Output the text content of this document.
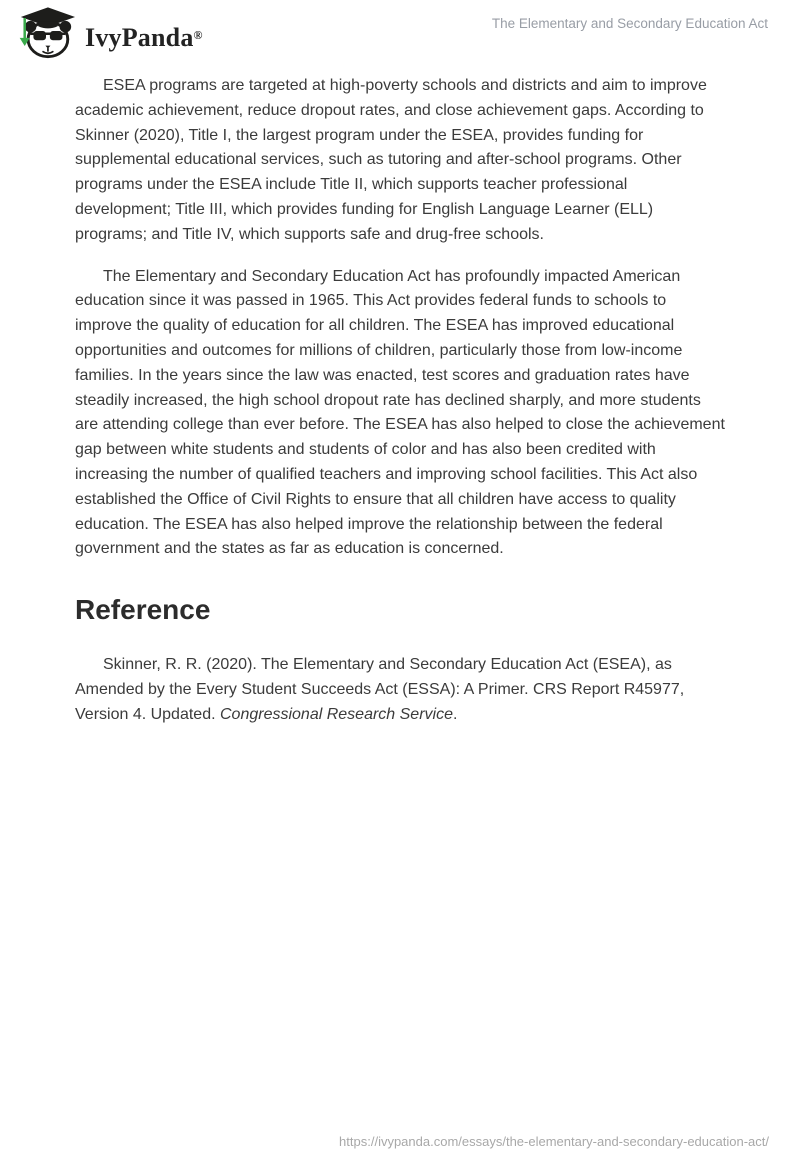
IvyPanda®
The Elementary and Secondary Education Act

ESEA programs are targeted at high-poverty schools and districts and aim to improve academic achievement, reduce dropout rates, and close achievement gaps. According to Skinner (2020), Title I, the largest program under the ESEA, provides funding for supplemental educational services, such as tutoring and after-school programs. Other programs under the ESEA include Title II, which supports teacher professional development; Title III, which provides funding for English Language Learner (ELL) programs; and Title IV, which supports safe and drug-free schools.

The Elementary and Secondary Education Act has profoundly impacted American education since it was passed in 1965. This Act provides federal funds to schools to improve the quality of education for all children. The ESEA has improved educational opportunities and outcomes for millions of children, particularly those from low-income families. In the years since the law was enacted, test scores and graduation rates have steadily increased, the high school dropout rate has declined sharply, and more students are attending college than ever before. The ESEA has also helped to close the achievement gap between white students and students of color and has also been credited with increasing the number of qualified teachers and improving school facilities. This Act also established the Office of Civil Rights to ensure that all children have access to quality education. The ESEA has also helped improve the relationship between the federal government and the states as far as education is concerned.

Reference

Skinner, R. R. (2020). The Elementary and Secondary Education Act (ESEA), as Amended by the Every Student Succeeds Act (ESSA): A Primer. CRS Report R45977, Version 4. Updated. Congressional Research Service.

https://ivypanda.com/essays/the-elementary-and-secondary-education-act/
